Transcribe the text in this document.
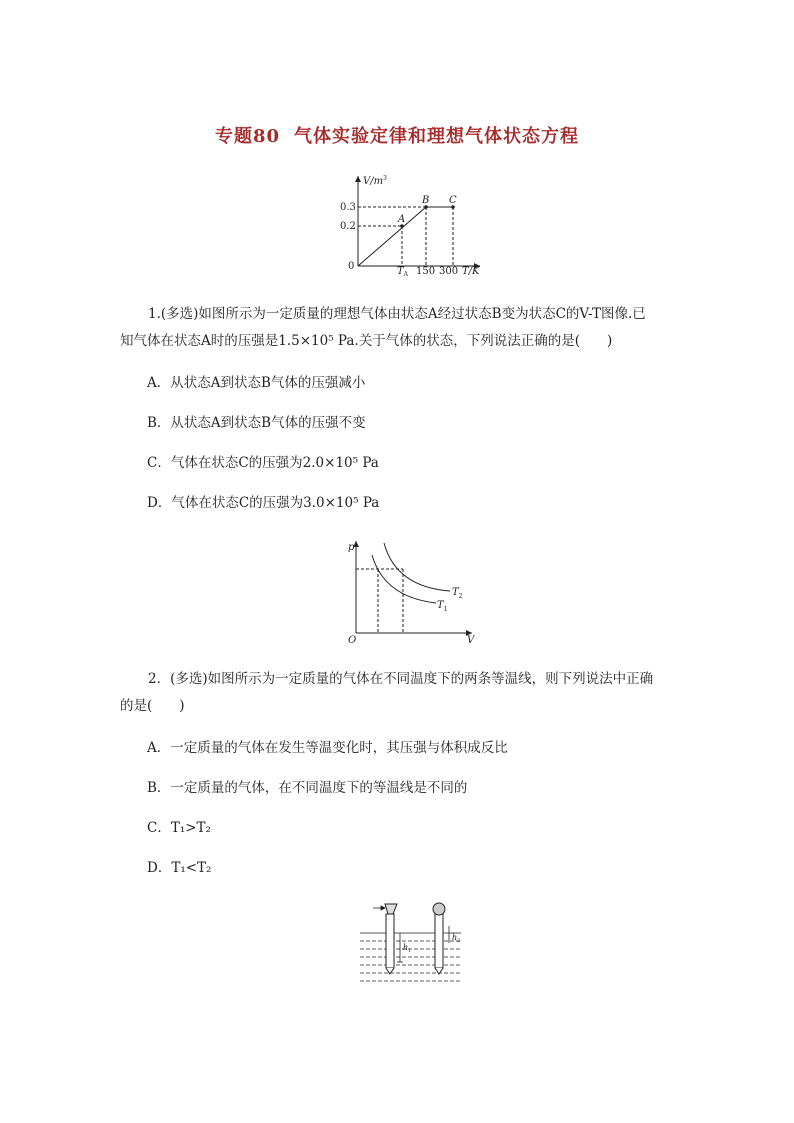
专题80 气体实验定律和理想气体状态方程
$V/m^3$
0.3
0.2
0	$T_A$ 150 300 T/K
A
B C
1.(多选)如图所示为一定质量的理想气体由状态A经过状态B变为状态C的V-T图像.已
知气体在状态A时的压强是1.5×10⁵ Pa.关于气体的状态，下列说法正确的是(　　)
A．从状态A到状态B气体的压强减小
B．从状态A到状态B气体的压强不变
C．气体在状态C的压强为2.0×10⁵ Pa
D．气体在状态C的压强为3.0×10⁵ Pa
p
O	V
$T_2$
$T_1$
2．(多选)如图所示为一定质量的气体在不同温度下的两条等温线，则下列说法中正确
的是(　　)
A．一定质量的气体在发生等温变化时，其压强与体积成反比
B．一定质量的气体，在不同温度下的等温线是不同的
C．T₁>T₂
D．T₁<T₂
$h_1$
$h_2$
